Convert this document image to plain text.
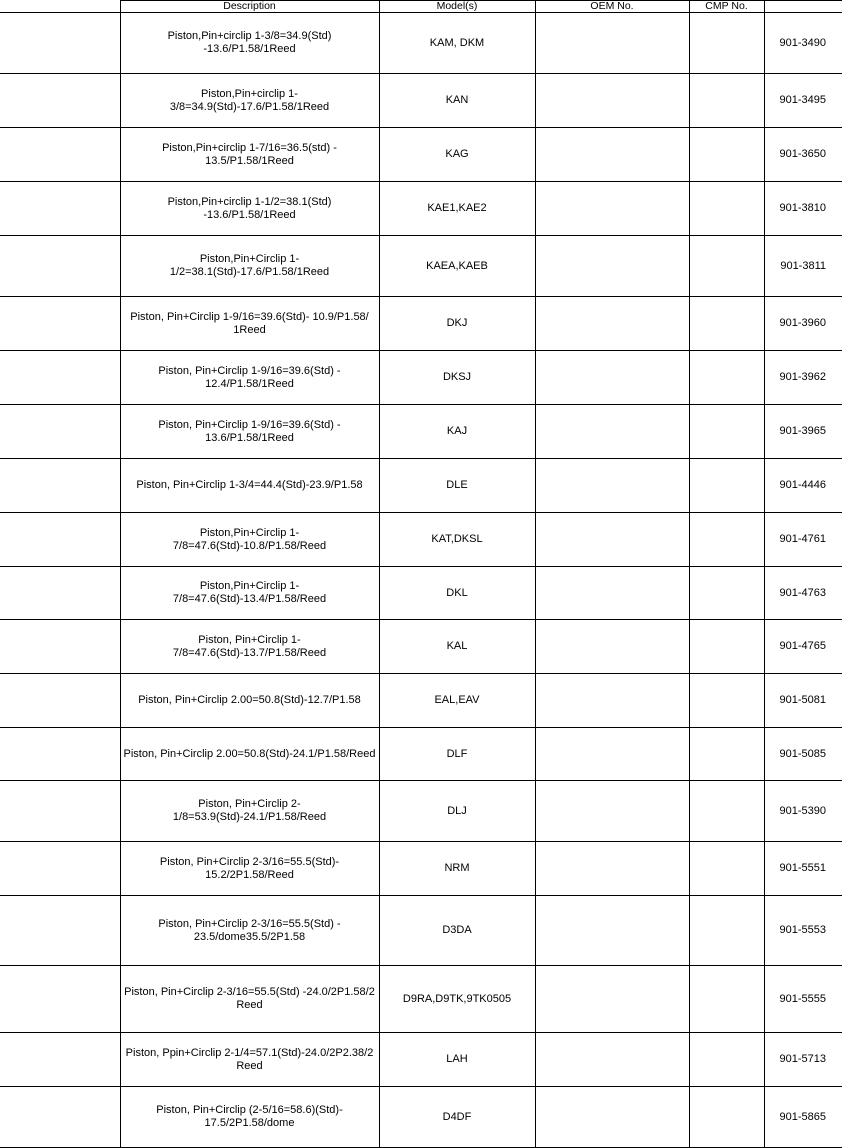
	Description	Model(s)	OEM No.	CMP No.	
	Piston,Pin+circlip 1-3/8=34.9(Std) -13.6/P1.58/1Reed	KAM, DKM			901-3490
	Piston,Pin+circlip 1-3/8=34.9(Std)-17.6/P1.58/1Reed	KAN			901-3495
	Piston,Pin+circlip 1-7/16=36.5(std) - 13.5/P1.58/1Reed	KAG			901-3650
	Piston,Pin+circlip 1-1/2=38.1(Std) -13.6/P1.58/1Reed	KAE1,KAE2			901-3810
	Piston,Pin+Circlip 1-1/2=38.1(Std)-17.6/P1.58/1Reed	KAEA,KAEB			901-3811
	Piston, Pin+Circlip 1-9/16=39.6(Std)- 10.9/P1.58/ 1Reed	DKJ			901-3960
	Piston, Pin+Circlip 1-9/16=39.6(Std) - 12.4/P1.58/1Reed	DKSJ			901-3962
	Piston, Pin+Circlip 1-9/16=39.6(Std) - 13.6/P1.58/1Reed	KAJ			901-3965
	Piston, Pin+Circlip 1-3/4=44.4(Std)-23.9/P1.58	DLE			901-4446
	Piston,Pin+Circlip 1-7/8=47.6(Std)-10.8/P1.58/Reed	KAT,DKSL			901-4761
	Piston,Pin+Circlip 1-7/8=47.6(Std)-13.4/P1.58/Reed	DKL			901-4763
	Piston, Pin+Circlip 1-7/8=47.6(Std)-13.7/P1.58/Reed	KAL			901-4765
	Piston, Pin+Circlip 2.00=50.8(Std)-12.7/P1.58	EAL,EAV			901-5081
	Piston, Pin+Circlip 2.00=50.8(Std)-24.1/P1.58/Reed	DLF			901-5085
	Piston, Pin+Circlip 2-1/8=53.9(Std)-24.1/P1.58/Reed	DLJ			901-5390
	Piston, Pin+Circlip 2-3/16=55.5(Std)- 15.2/2P1.58/Reed	NRM			901-5551
	Piston, Pin+Circlip 2-3/16=55.5(Std) - 23.5/dome35.5/2P1.58	D3DA			901-5553
	Piston, Pin+Circlip 2-3/16=55.5(Std) -24.0/2P1.58/2 Reed	D9RA,D9TK,9TK0505			901-5555
	Piston, Ppin+Circlip 2-1/4=57.1(Std)-24.0/2P2.38/2 Reed	LAH			901-5713
	Piston, Pin+Circlip (2-5/16=58.6)(Std)- 17.5/2P1.58/dome	D4DF			901-5865
